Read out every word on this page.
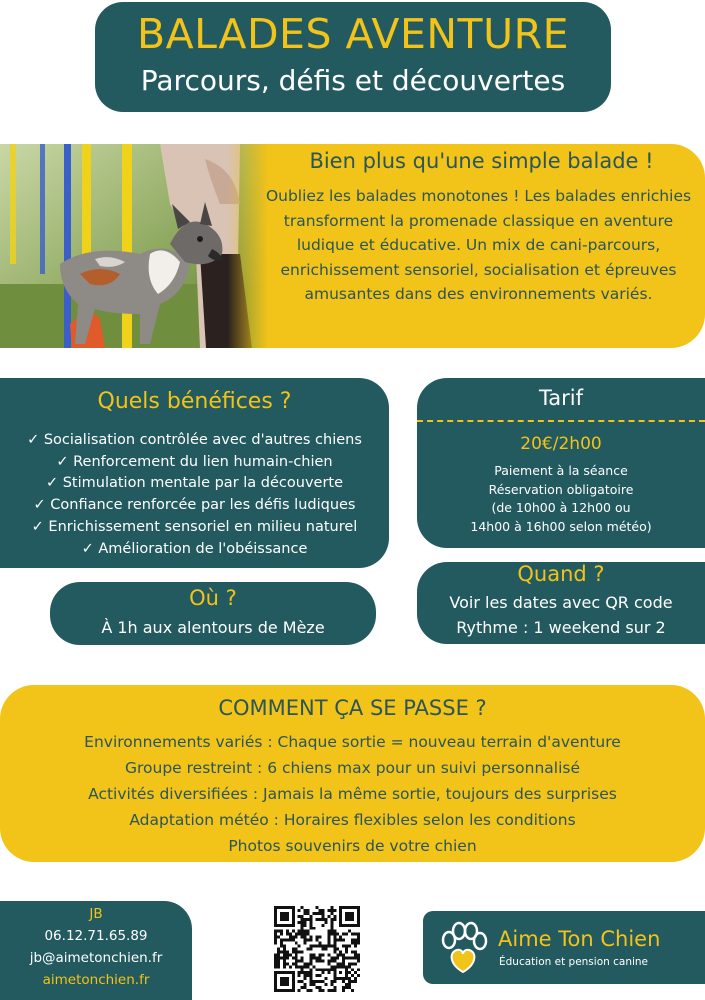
BALADES AVENTURE
Parcours, défis et découvertes
Bien plus qu'une simple balade !
Oubliez les balades monotones ! Les balades enrichies transforment la promenade classique en aventure ludique et éducative. Un mix de cani-parcours, enrichissement sensoriel, socialisation et épreuves amusantes dans des environnements variés.
Quels bénéfices ?
✓ Socialisation contrôlée avec d'autres chiens
✓ Renforcement du lien humain-chien
✓ Stimulation mentale par la découverte
✓ Confiance renforcée par les défis ludiques
✓ Enrichissement sensoriel en milieu naturel
✓ Amélioration de l'obéissance
Tarif
20€/2h00
Paiement à la séance
Réservation obligatoire
(de 10h00 à 12h00 ou
14h00 à 16h00 selon météo)
Où ?
À 1h aux alentours de Mèze
Quand ?
Voir les dates avec QR code
Rythme : 1 weekend sur 2
COMMENT ÇA SE PASSE ?
Environnements variés : Chaque sortie = nouveau terrain d'aventure
Groupe restreint : 6 chiens max pour un suivi personnalisé
Activités diversifiées : Jamais la même sortie, toujours des surprises
Adaptation météo : Horaires flexibles selon les conditions
Photos souvenirs de votre chien
JB
06.12.71.65.89
jb@aimetonchien.fr
aimetonchien.fr
Aime Ton Chien
Éducation et pension canine
